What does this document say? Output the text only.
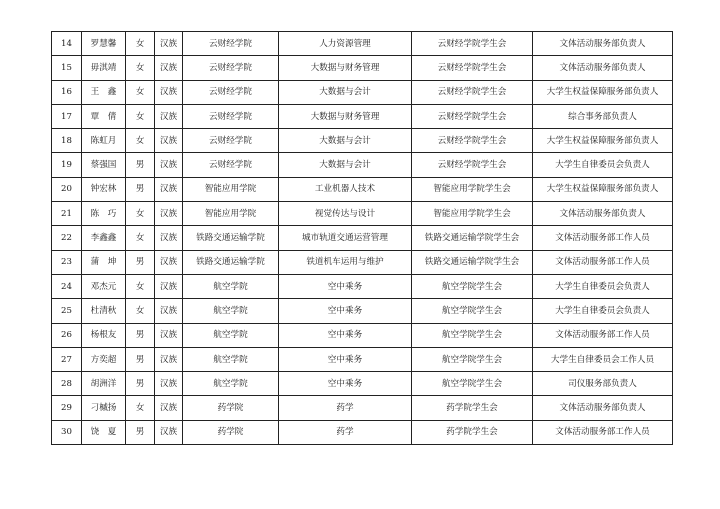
14	罗慧馨	女	汉族	云财经学院	人力资源管理	云财经学院学生会	文体活动服务部负责人
15	毋淇靖	女	汉族	云财经学院	大数据与财务管理	云财经学院学生会	文体活动服务部负责人
16	王　鑫	女	汉族	云财经学院	大数据与会计	云财经学院学生会	大学生权益保障服务部负责人
17	覃　倩	女	汉族	云财经学院	大数据与财务管理	云财经学院学生会	综合事务部负责人
18	陈虹月	女	汉族	云财经学院	大数据与会计	云财经学院学生会	大学生权益保障服务部负责人
19	蔡强国	男	汉族	云财经学院	大数据与会计	云财经学院学生会	大学生自律委员会负责人
20	钟宏林	男	汉族	智能应用学院	工业机器人技术	智能应用学院学生会	大学生权益保障服务部负责人
21	陈　巧	女	汉族	智能应用学院	视觉传达与设计	智能应用学院学生会	文体活动服务部负责人
22	李鑫鑫	女	汉族	铁路交通运输学院	城市轨道交通运营管理	铁路交通运输学院学生会	文体活动服务部工作人员
23	蒲　坤	男	汉族	铁路交通运输学院	铁道机车运用与维护	铁路交通运输学院学生会	文体活动服务部工作人员
24	邓杰元	女	汉族	航空学院	空中乘务	航空学院学生会	大学生自律委员会负责人
25	杜清秋	女	汉族	航空学院	空中乘务	航空学院学生会	大学生自律委员会负责人
26	杨根友	男	汉族	航空学院	空中乘务	航空学院学生会	文体活动服务部工作人员
27	方奕超	男	汉族	航空学院	空中乘务	航空学院学生会	大学生自律委员会工作人员
28	胡洲洋	男	汉族	航空学院	空中乘务	航空学院学生会	司仪服务部负责人
29	刁槭扬	女	汉族	药学院	药学	药学院学生会	文体活动服务部负责人
30	饶　夏	男	汉族	药学院	药学	药学院学生会	文体活动服务部工作人员
